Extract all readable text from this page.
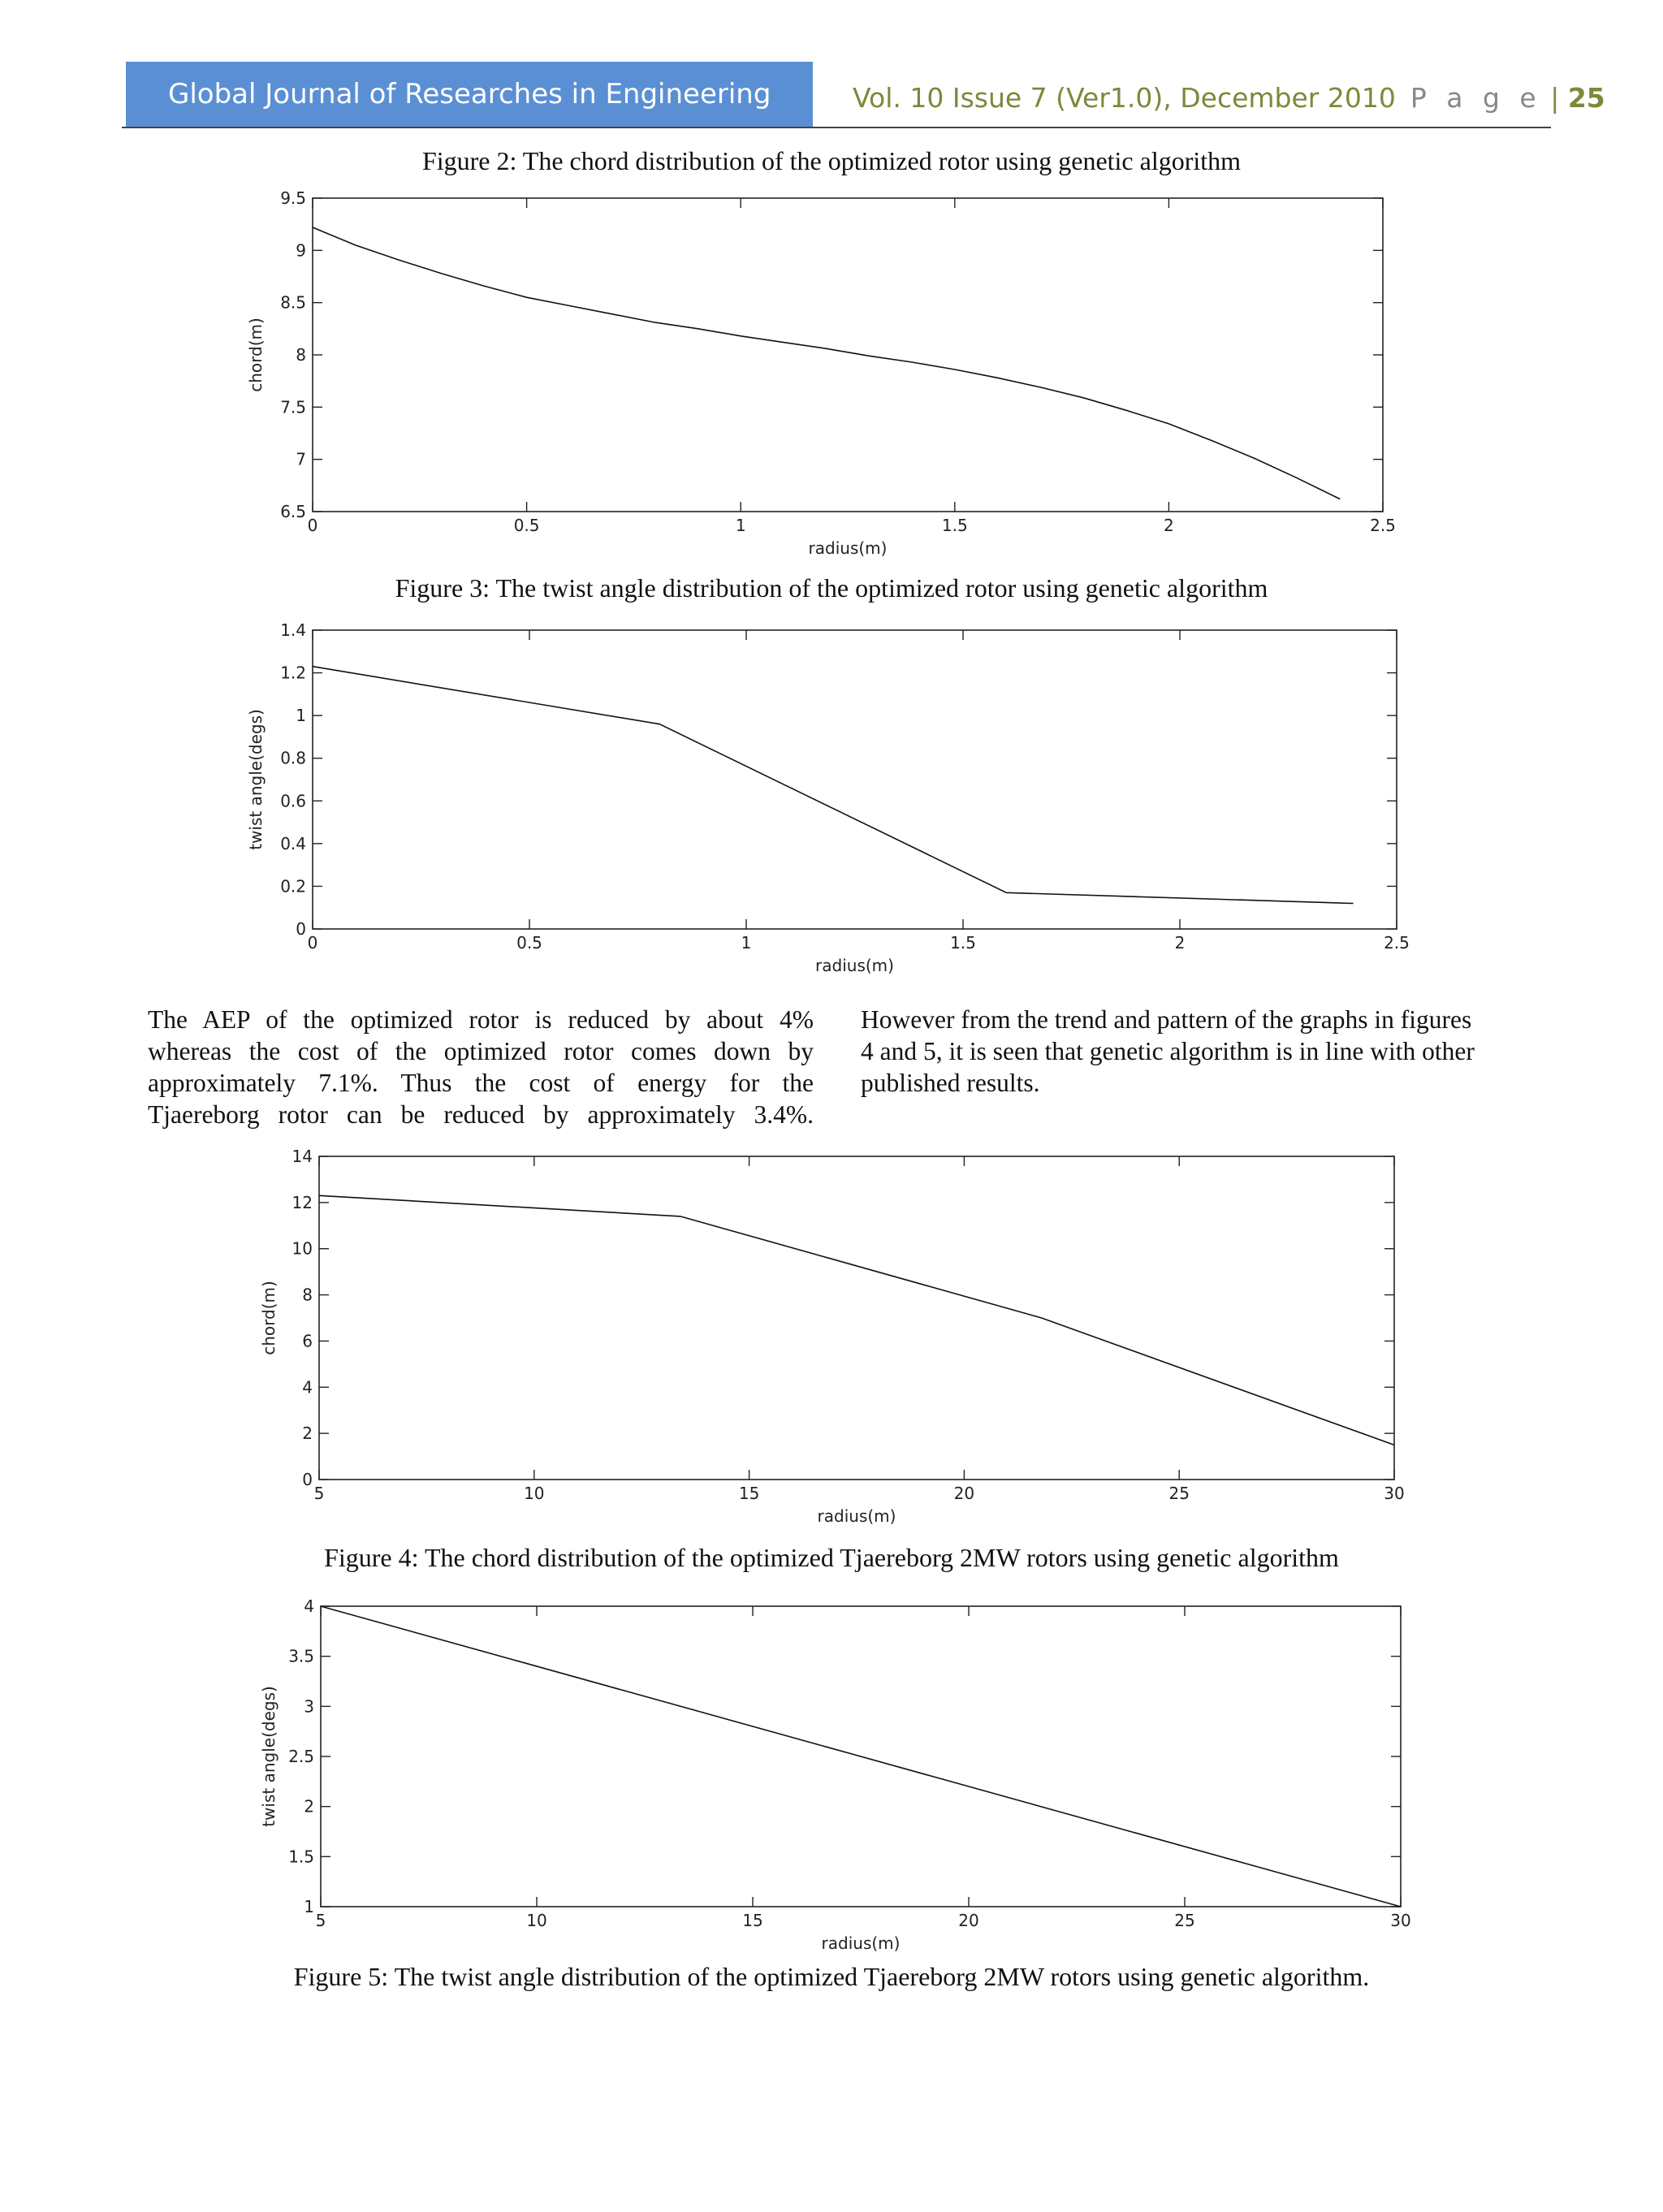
Global Journal of Researches in Engineering	Vol. 10 Issue 7 (Ver1.0), December 2010 P a g e | 25
Figure 2: The chord distribution of the optimized rotor using genetic algorithm
0	0.5	1	1.5	2	2.5
6.5
7
7.5
8
8.5
9
9.5
radius(m)
chord(m)
Figure 3: The twist angle distribution of the optimized rotor using genetic algorithm
0	0.5	1	1.5	2	2.5
0
0.2
0.4
0.6
0.8
1
1.2
1.4
radius(m)
twist angle(degs)

The AEP of the optimized rotor is reduced by about 4%

whereas the cost of the optimized rotor comes down by

approximately 7.1%. Thus the cost of energy for the

Tjaereborg rotor can be reduced by approximately 3.4%.

However from the trend and pattern of the graphs in figures

4 and 5, it is seen that genetic algorithm is in line with other

published results.

5	10	15	20	25	30
0
2
4
6
8
10
12
14
radius(m)
chord(m)
Figure 4: The chord distribution of the optimized Tjaereborg 2MW rotors using genetic algorithm
5	10	15	20	25	30
1
1.5
2
2.5
3
3.5
4
radius(m)
twist angle(degs)
Figure 5: The twist angle distribution of the optimized Tjaereborg 2MW rotors using genetic algorithm.
